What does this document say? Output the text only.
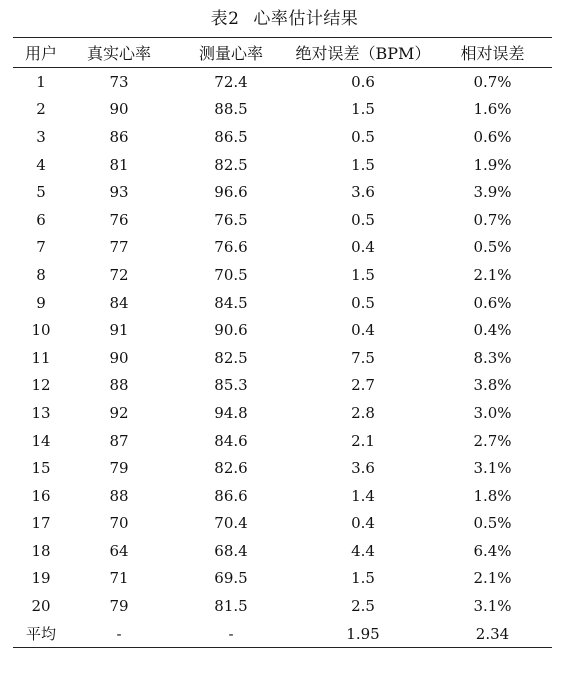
表2 心率估计结果
用户	真实心率	测量心率	绝对误差（BPM）	相对误差
1	73	72.4	0.6	0.7%
2	90	88.5	1.5	1.6%
3	86	86.5	0.5	0.6%
4	81	82.5	1.5	1.9%
5	93	96.6	3.6	3.9%
6	76	76.5	0.5	0.7%
7	77	76.6	0.4	0.5%
8	72	70.5	1.5	2.1%
9	84	84.5	0.5	0.6%
10	91	90.6	0.4	0.4%
11	90	82.5	7.5	8.3%
12	88	85.3	2.7	3.8%
13	92	94.8	2.8	3.0%
14	87	84.6	2.1	2.7%
15	79	82.6	3.6	3.1%
16	88	86.6	1.4	1.8%
17	70	70.4	0.4	0.5%
18	64	68.4	4.4	6.4%
19	71	69.5	1.5	2.1%
20	79	81.5	2.5	3.1%
平均	-	-	1.95	2.34
